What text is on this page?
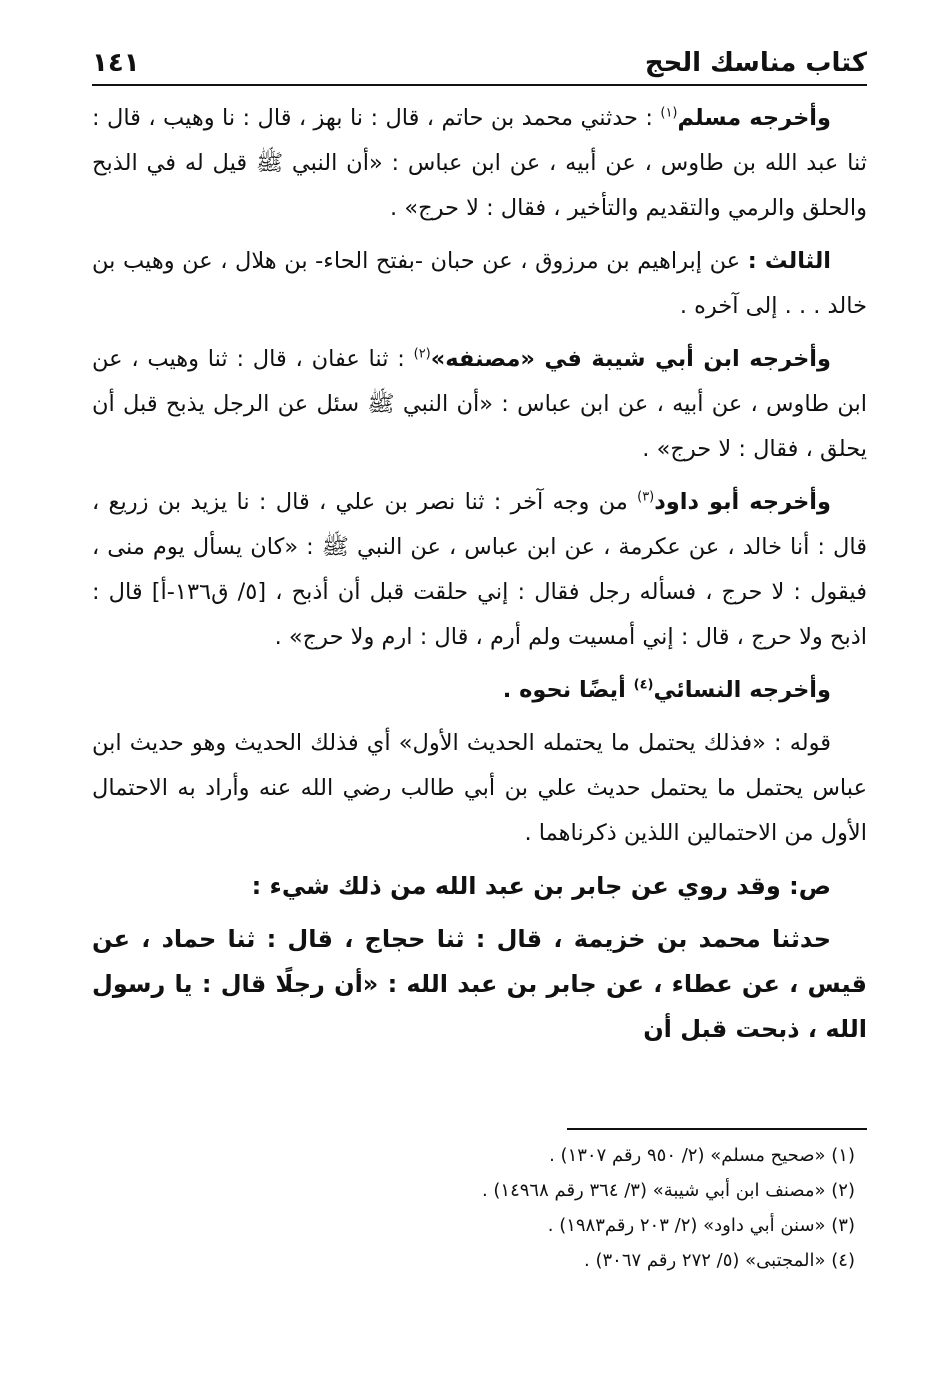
كتاب مناسك الحج
١٤١

وأخرجه مسلم$^{(١)}$ : حدثني محمد بن حاتم ، قال : نا بهز ، قال : نا وهيب ، قال : ثنا عبد الله بن طاوس ، عن أبيه ، عن ابن عباس : «أن النبي ﷺ قيل له في الذبح والحلق والرمي والتقديم والتأخير ، فقال : لا حرج» .

الثالث : عن إبراهيم بن مرزوق ، عن حبان -بفتح الحاء- بن هلال ، عن وهيب بن خالد . . . إلى آخره .

وأخرجه ابن أبي شيبة في «مصنفه»$^{(٢)}$ : ثنا عفان ، قال : ثنا وهيب ، عن ابن طاوس ، عن أبيه ، عن ابن عباس : «أن النبي ﷺ سئل عن الرجل يذبح قبل أن يحلق ، فقال : لا حرج» .

وأخرجه أبو داود$^{(٣)}$ من وجه آخر : ثنا نصر بن علي ، قال : نا يزيد بن زريع ، قال : أنا خالد ، عن عكرمة ، عن ابن عباس ، عن النبي ﷺ : «كان يسأل يوم منى ، فيقول : لا حرج ، فسأله رجل فقال : إني حلقت قبل أن أذبح ، [٥/ ق١٣٦-أ] قال : اذبح ولا حرج ، قال : إني أمسيت ولم أرم ، قال : ارم ولا حرج» .

وأخرجه النسائي$^{(٤)}$ أيضًا نحوه .

قوله : «فذلك يحتمل ما يحتمله الحديث الأول» أي فذلك الحديث وهو حديث ابن عباس يحتمل ما يحتمل حديث علي بن أبي طالب رضي الله عنه وأراد به الاحتمال الأول من الاحتمالين اللذين ذكرناهما .

ص: وقد روي عن جابر بن عبد الله من ذلك شيء :

حدثنا محمد بن خزيمة ، قال : ثنا حجاج ، قال : ثنا حماد ، عن قيس ، عن عطاء ، عن جابر بن عبد الله : «أن رجلًا قال : يا رسول الله ، ذبحت قبل أن

(١) «صحيح مسلم» (٢/ ٩٥٠ رقم ١٣٠٧) .
(٢) «مصنف ابن أبي شيبة» (٣/ ٣٦٤ رقم ١٤٩٦٨) .
(٣) «سنن أبي داود» (٢/ ٢٠٣ رقم١٩٨٣) .
(٤) «المجتبى» (٥/ ٢٧٢ رقم ٣٠٦٧) .
